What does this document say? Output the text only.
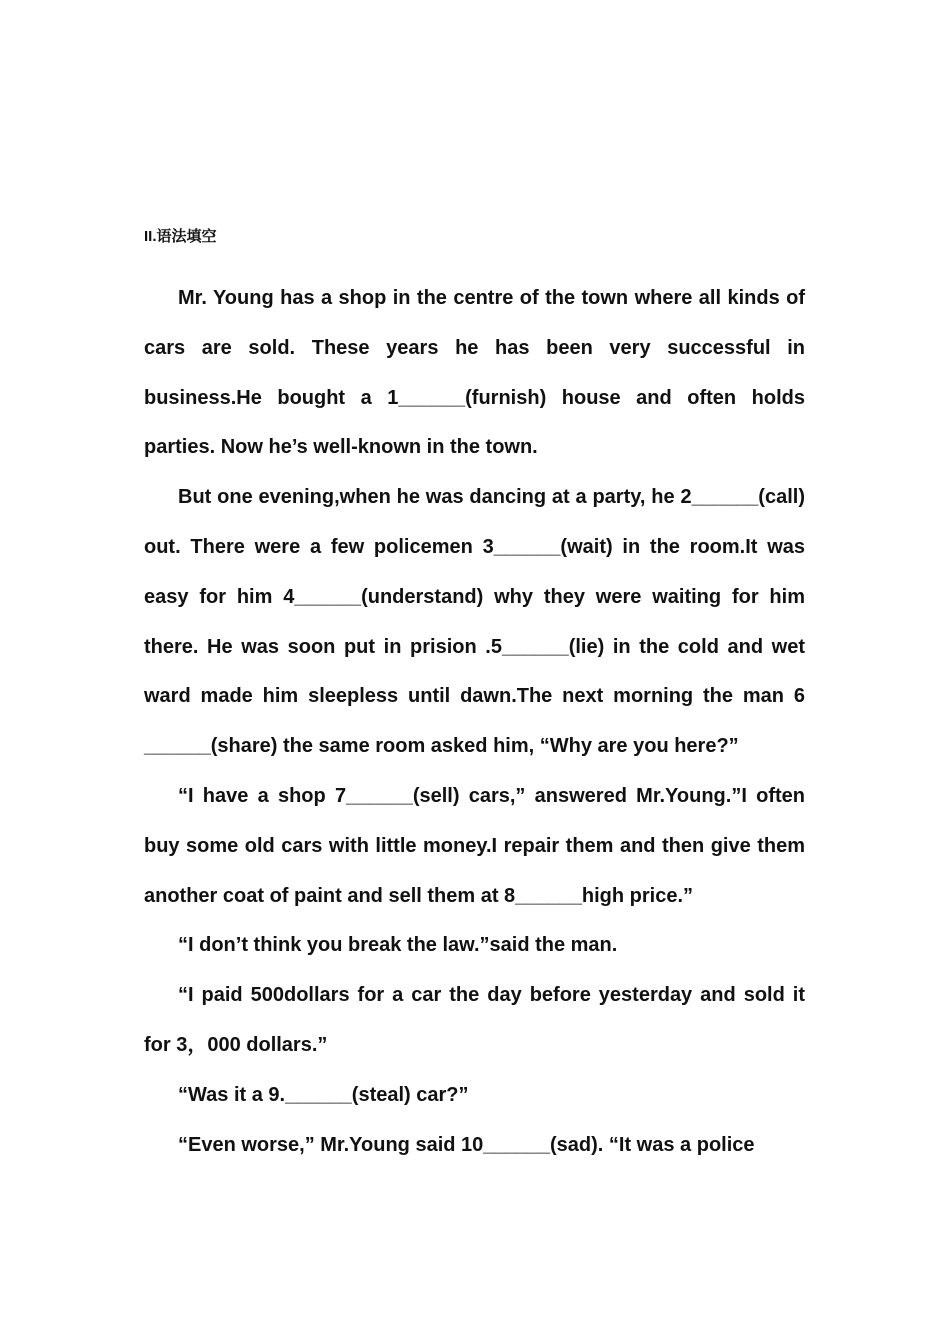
II.语法填空

Mr. Young has a shop in the centre of the town where all kinds of cars are sold. These years he has been very successful in business.He bought a 1______(furnish) house and often holds parties. Now he’s well-known in the town.

But one evening,when he was dancing at a party, he 2______(call) out. There were a few policemen 3______(wait) in the room.It was easy for him 4______(understand) why they were waiting for him there. He was soon put in prision .5______(lie) in the cold and wet ward made him sleepless until dawn.The next morning the man 6 ______(share) the same room asked him, “Why are you here?”

“I have a shop 7______(sell) cars,” answered Mr.Young.”I often buy some old cars with little money.I repair them and then give them another coat of paint and sell them at 8______high price.”

“I don’t think you break the law.”said the man.

“I paid 500dollars for a car the day before yesterday and sold it for 3，000 dollars.”

“Was it a 9.______(steal) car?”

“Even worse,” Mr.Young said 10______(sad). “It was a police
